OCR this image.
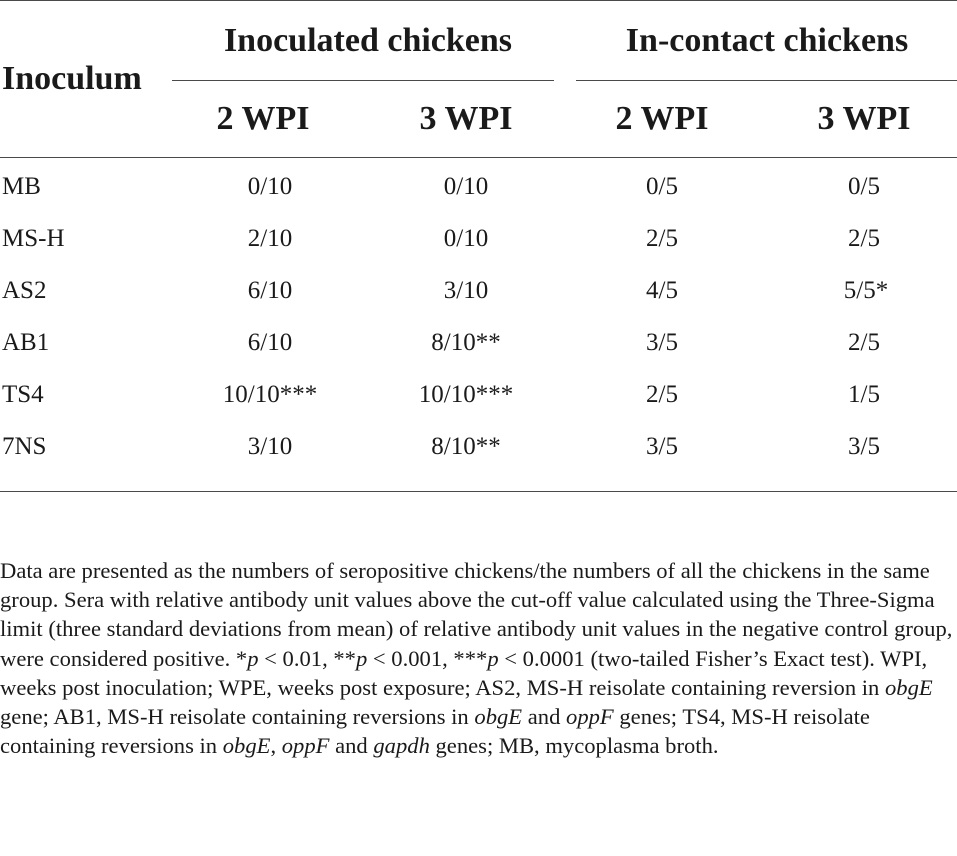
Inoculum
Inoculated chickens	In-contact chickens
2 WPI	3 WPI	2 WPI	3 WPI
MB	0/10	0/10	0/5	0/5
MS-H	2/10	0/10	2/5	2/5
AS2	6/10	3/10	4/5	5/5*
AB1	6/10	8/10**	3/5	2/5
TS4	10/10***	10/10***	2/5	1/5
7NS	3/10	8/10**	3/5	3/5

Data are presented as the numbers of seropositive chickens/the numbers of all the chickens in the same group. Sera with relative antibody unit values above the cut-off value calculated using the Three-Sigma limit (three standard deviations from mean) of relative antibody unit values in the negative control group, were considered positive. *p < 0.01, **p < 0.001, ***p < 0.0001 (two-tailed Fisher’s Exact test). WPI, weeks post inoculation; WPE, weeks post exposure; AS2, MS-H reisolate containing reversion in obgE gene; AB1, MS-H reisolate containing reversions in obgE and oppF genes; TS4, MS-H reisolate containing reversions in obgE, oppF and gapdh genes; MB, mycoplasma broth.
